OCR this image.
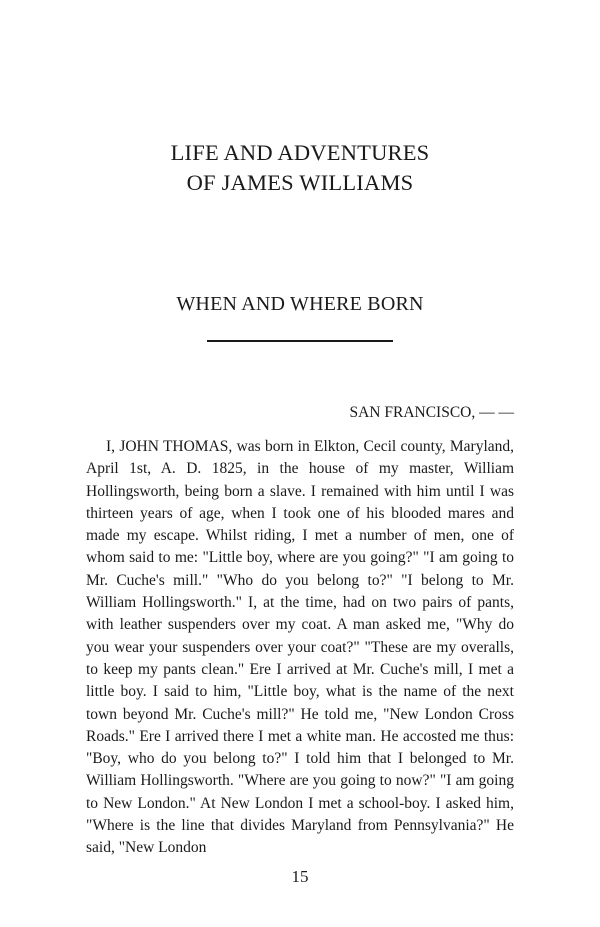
LIFE AND ADVENTURES
OF JAMES WILLIAMS
WHEN AND WHERE BORN
SAN FRANCISCO, — —

I, JOHN THOMAS, was born in Elkton, Cecil county, Maryland, April 1st, A. D. 1825, in the house of my master, William Hollingsworth, being born a slave. I remained with him until I was thirteen years of age, when I took one of his blooded mares and made my escape. Whilst riding, I met a number of men, one of whom said to me: "Little boy, where are you going?" "I am going to Mr. Cuche's mill." "Who do you belong to?" "I belong to Mr. William Hollingsworth." I, at the time, had on two pairs of pants, with leather suspenders over my coat. A man asked me, "Why do you wear your suspenders over your coat?" "These are my overalls, to keep my pants clean." Ere I arrived at Mr. Cuche's mill, I met a little boy. I said to him, "Little boy, what is the name of the next town beyond Mr. Cuche's mill?" He told me, "New London Cross Roads." Ere I arrived there I met a white man. He accosted me thus: "Boy, who do you belong to?" I told him that I belonged to Mr. William Hollingsworth. "Where are you going to now?" "I am going to New London." At New London I met a school-boy. I asked him, "Where is the line that divides Maryland from Pennsylvania?" He said, "New London

15
